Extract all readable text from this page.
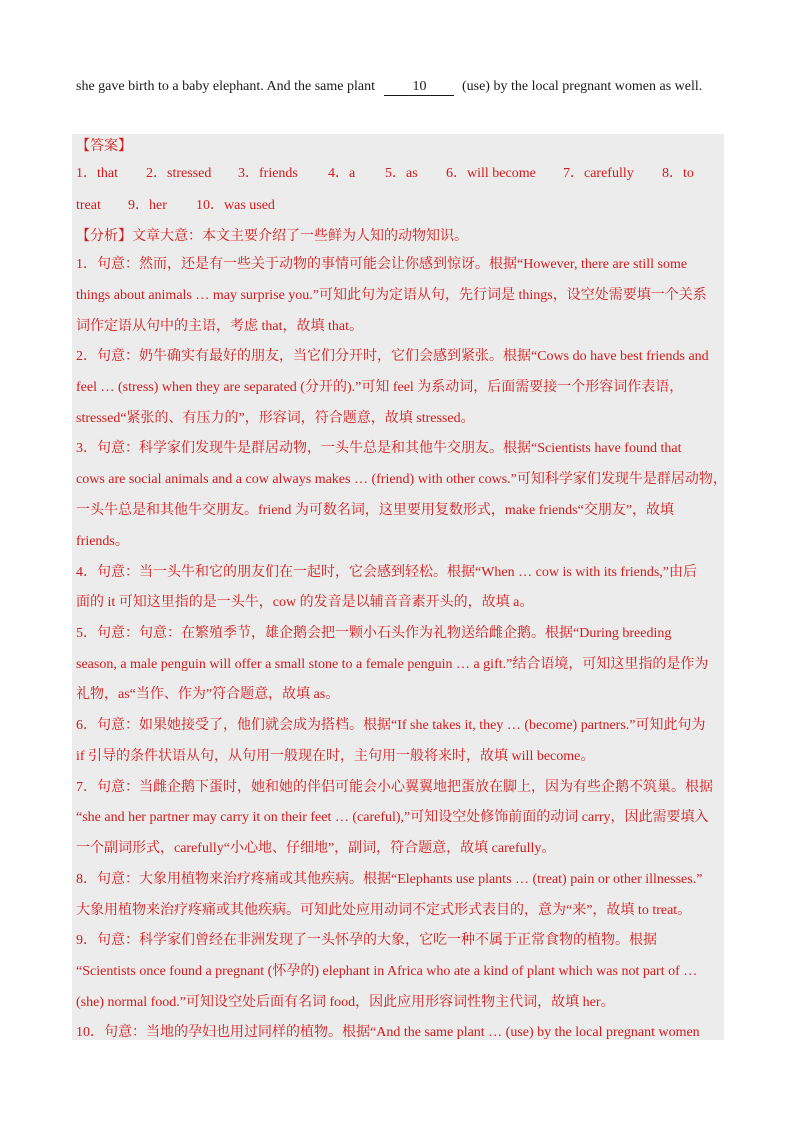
she gave birth to a baby elephant. And the same plant	10	(use) by the local pregnant women as well.
【答案】
1．that 2．stressed 3．friends 4．a 5．as 6．will become 7．carefully 8．to
treat 9．her 10．was used
【分析】文章大意：本文主要介绍了一些鲜为人知的动物知识。
1．句意：然而，还是有一些关于动物的事情可能会让你感到惊讶。根据“However, there are still some
things about animals … may surprise you.”可知此句为定语从句，先行词是 things，设空处需要填一个关系
词作定语从句中的主语，考虑 that，故填 that。
2．句意：奶牛确实有最好的朋友，当它们分开时，它们会感到紧张。根据“Cows do have best friends and
feel … (stress) when they are separated (分开的).”可知 feel 为系动词，后面需要接一个形容词作表语，
stressed“紧张的、有压力的”，形容词，符合题意，故填 stressed。
3．句意：科学家们发现牛是群居动物，一头牛总是和其他牛交朋友。根据“Scientists have found that
cows are social animals and a cow always makes … (friend) with other cows.”可知科学家们发现牛是群居动物，
一头牛总是和其他牛交朋友。friend 为可数名词，这里要用复数形式，make friends“交朋友”，故填
friends。
4．句意：当一头牛和它的朋友们在一起时，它会感到轻松。根据“When … cow is with its friends,”由后
面的 it 可知这里指的是一头牛，cow 的发音是以辅音音素开头的，故填 a。
5．句意：句意：在繁殖季节，雄企鹅会把一颗小石头作为礼物送给雌企鹅。根据“During breeding
season, a male penguin will offer a small stone to a female penguin … a gift.”结合语境，可知这里指的是作为
礼物，as“当作、作为”符合题意，故填 as。
6．句意：如果她接受了，他们就会成为搭档。根据“If she takes it, they … (become) partners.”可知此句为
if 引导的条件状语从句，从句用一般现在时，主句用一般将来时，故填 will become。
7．句意：当雌企鹅下蛋时，她和她的伴侣可能会小心翼翼地把蛋放在脚上，因为有些企鹅不筑巢。根据
“she and her partner may carry it on their feet … (careful),”可知设空处修饰前面的动词 carry，因此需要填入
一个副词形式，carefully“小心地、仔细地”，副词，符合题意，故填 carefully。
8．句意：大象用植物来治疗疼痛或其他疾病。根据“Elephants use plants … (treat) pain or other illnesses.”
大象用植物来治疗疼痛或其他疾病。可知此处应用动词不定式形式表目的，意为“来”，故填 to treat。
9．句意：科学家们曾经在非洲发现了一头怀孕的大象，它吃一种不属于正常食物的植物。根据
“Scientists once found a pregnant (怀孕的) elephant in Africa who ate a kind of plant which was not part of …
(she) normal food.”可知设空处后面有名词 food，因此应用形容词性物主代词，故填 her。
10．句意：当地的孕妇也用过同样的植物。根据“And the same plant … (use) by the local pregnant women
